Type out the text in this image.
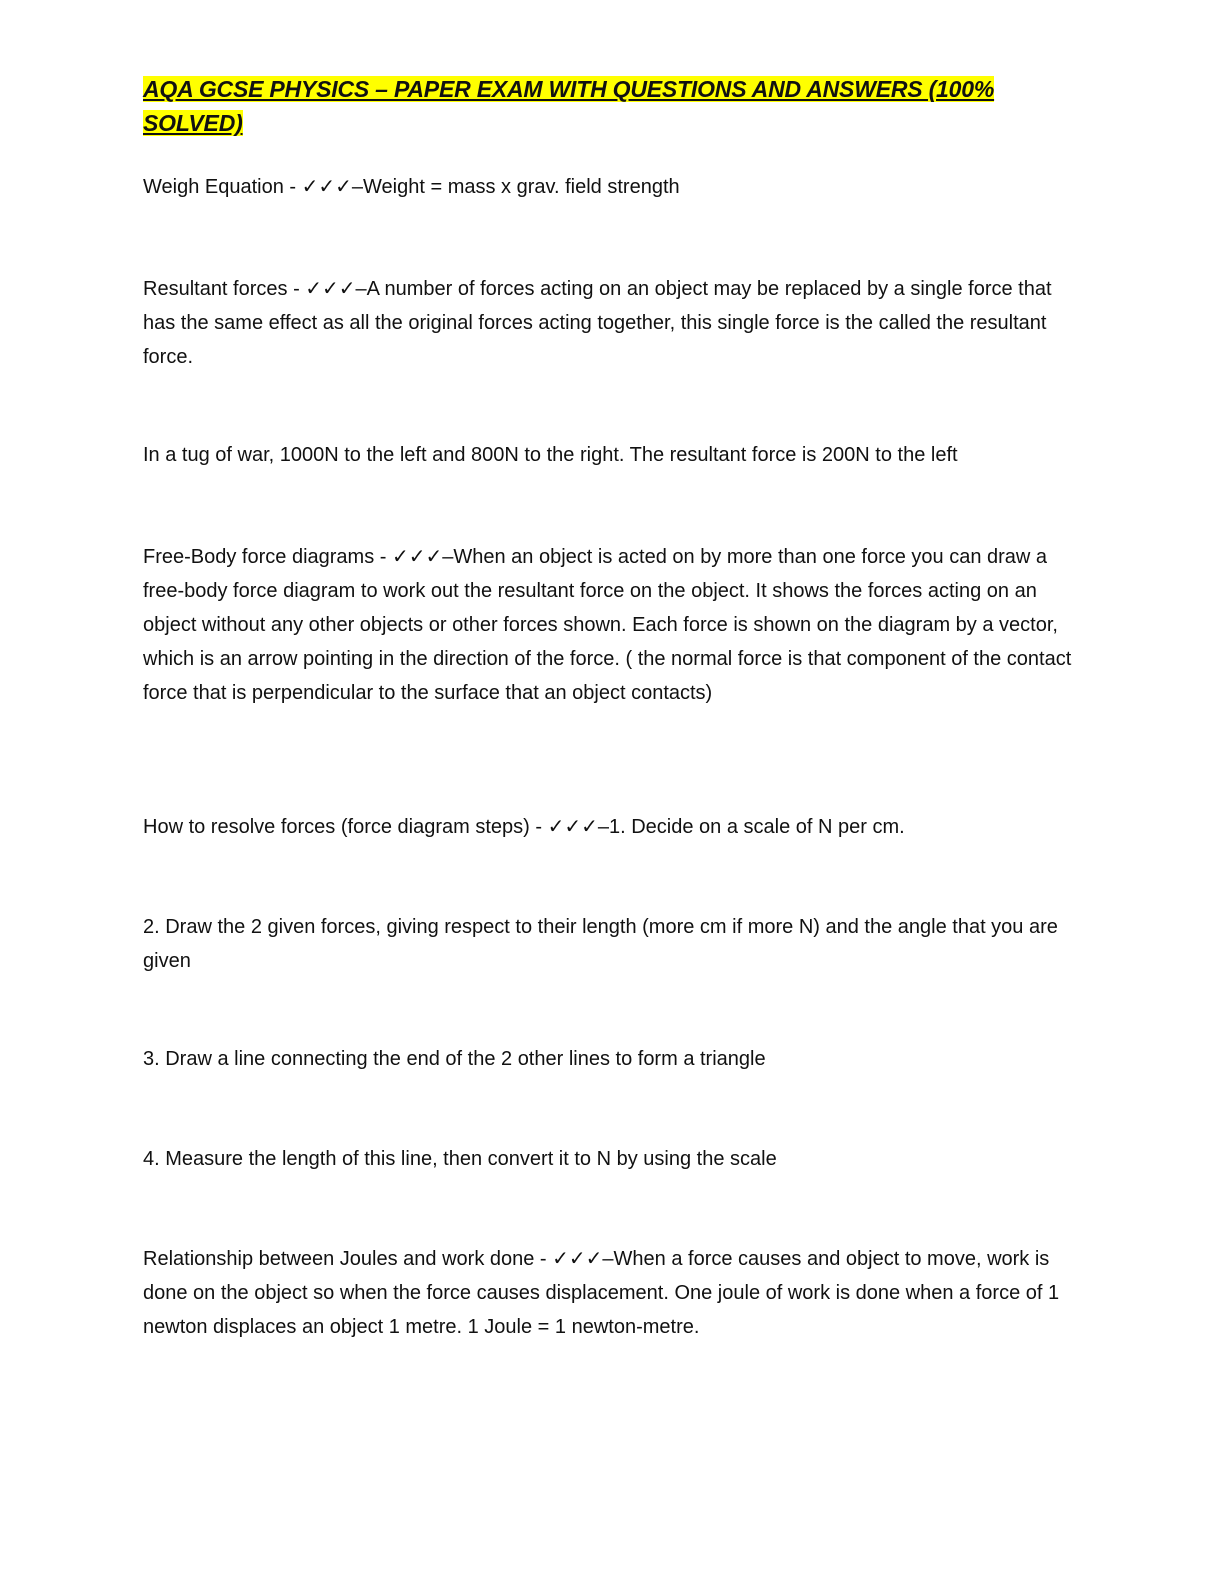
AQA GCSE PHYSICS – PAPER EXAM WITH QUESTIONS AND ANSWERS (100%
SOLVED)

Weigh Equation - ✓✓✓–Weight = mass x grav. field strength

Resultant forces - ✓✓✓–A number of forces acting on an object may be replaced by a single force that has the same effect as all the original forces acting together, this single force is the called the resultant force.

In a tug of war, 1000N to the left and 800N to the right. The resultant force is 200N to the left

Free-Body force diagrams - ✓✓✓–When an object is acted on by more than one force you can draw a free-body force diagram to work out the resultant force on the object. It shows the forces acting on an object without any other objects or other forces shown. Each force is shown on the diagram by a vector, which is an arrow pointing in the direction of the force. ( the normal force is that component of the contact force that is perpendicular to the surface that an object contacts)

How to resolve forces (force diagram steps) - ✓✓✓–1. Decide on a scale of N per cm.

2. Draw the 2 given forces, giving respect to their length (more cm if more N) and the angle that you are given

3. Draw a line connecting the end of the 2 other lines to form a triangle

4. Measure the length of this line, then convert it to N by using the scale

Relationship between Joules and work done - ✓✓✓–When a force causes and object to move, work is done on the object so when the force causes displacement. One joule of work is done when a force of 1 newton displaces an object 1 metre. 1 Joule = 1 newton-metre.
